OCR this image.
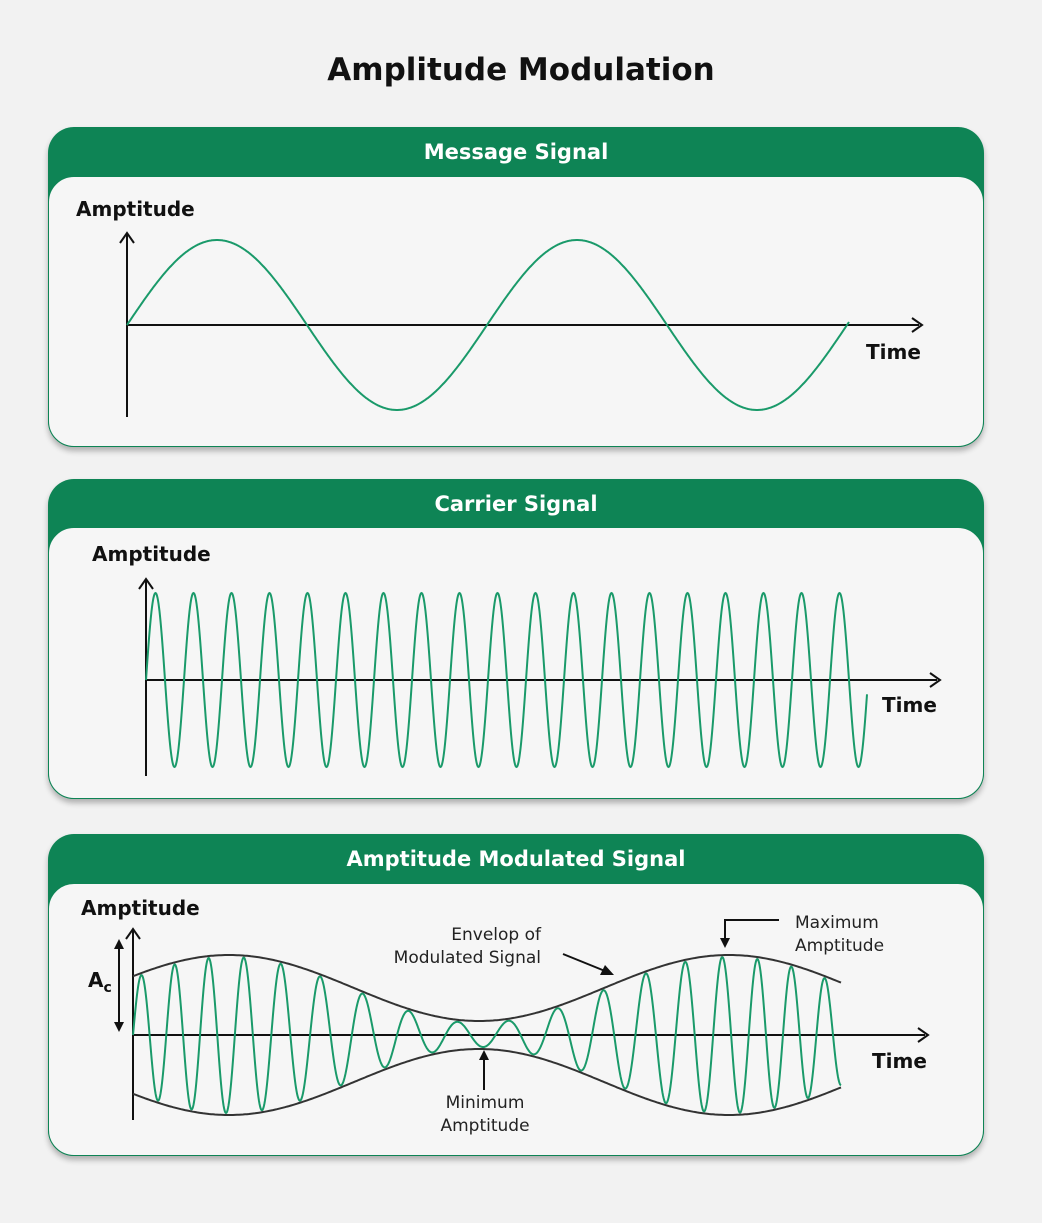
Amplitude Modulation
Message Signal
Amptitude
Time
Carrier Signal
Amptitude
Time
Amptitude Modulated Signal
$A_c$
Amptitude
Time
Envelop of
Modulated Signal
Maximum
Amptitude
Minimum
Amptitude
